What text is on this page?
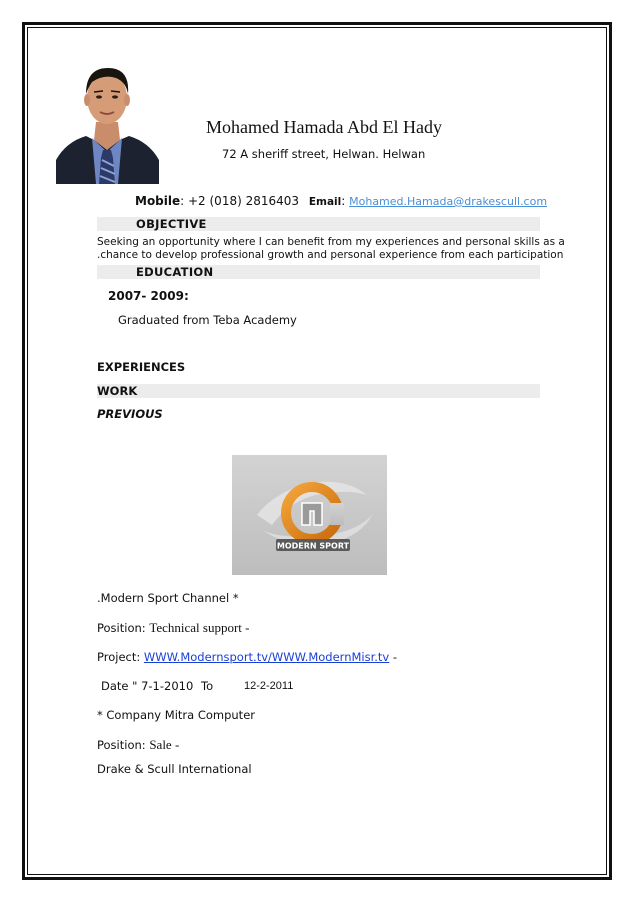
Mohamed Hamada Abd El Hady
72 A sheriff street, Helwan. Helwan
Mobile: +2 (018) 2816403 Email: Mohamed.Hamada@drakescull.com
OBJECTIVE
Seeking an opportunity where I can benefit from my experiences and personal skills as a
.chance to develop professional growth and personal experience from each participation
EDUCATION
2007- 2009:
Graduated from Teba Academy
EXPERIENCES
WORK
PREVIOUS
MODERN SPORT
.Modern Sport Channel *
Position: Technical support -
Project: WWW.Modernsport.tv/WWW.ModernMisr.tv -
Date " 7-1-2010 To	12-2-2011
* Company Mitra Computer
Position: Sale -
Drake & Scull International
